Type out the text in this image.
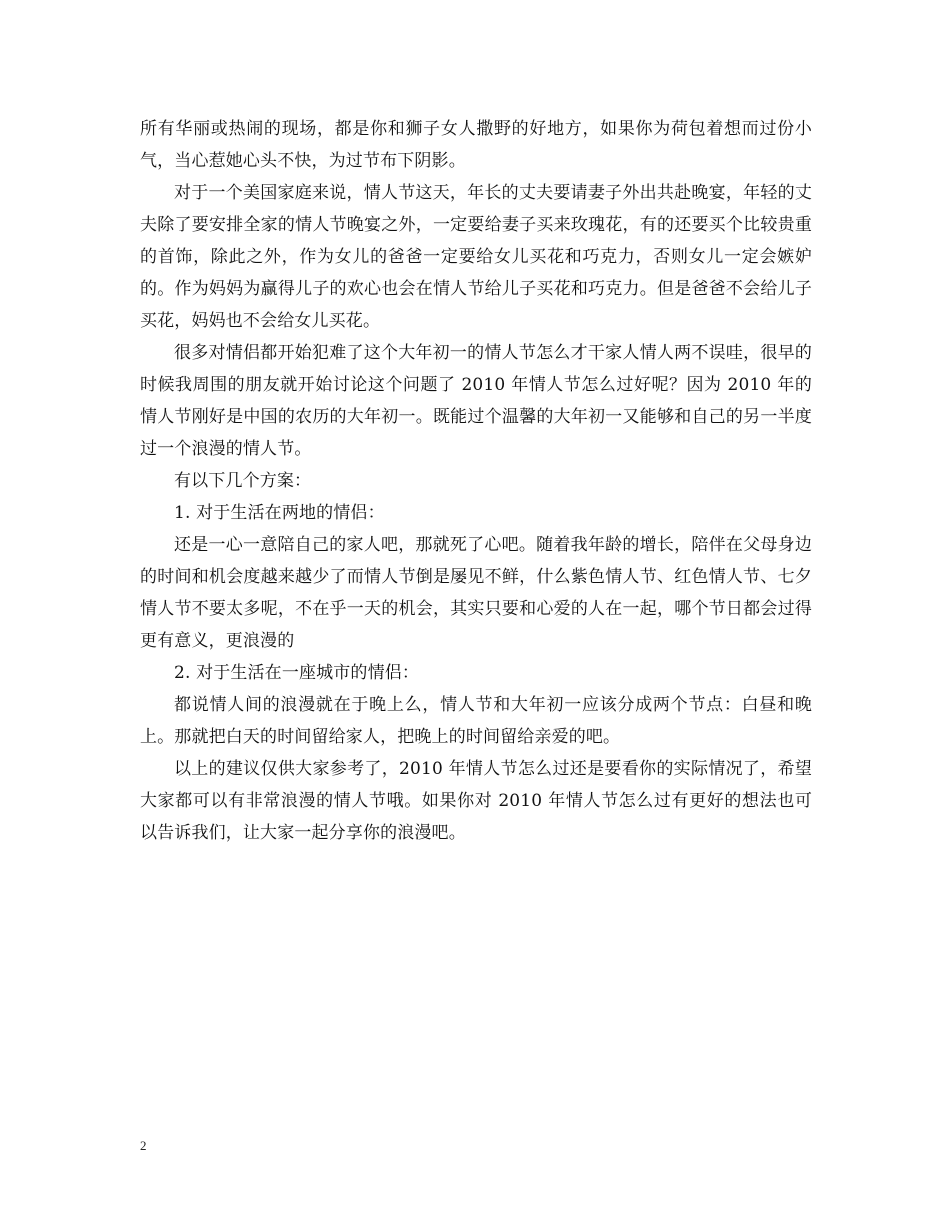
所有华丽或热闹的现场，都是你和狮子女人撒野的好地方，如果你为荷包着想而过份小气，当心惹她心头不快，为过节布下阴影。

对于一个美国家庭来说，情人节这天，年长的丈夫要请妻子外出共赴晚宴，年轻的丈夫除了要安排全家的情人节晚宴之外，一定要给妻子买来玫瑰花，有的还要买个比较贵重的首饰，除此之外，作为女儿的爸爸一定要给女儿买花和巧克力，否则女儿一定会嫉妒的。作为妈妈为赢得儿子的欢心也会在情人节给儿子买花和巧克力。但是爸爸不会给儿子买花，妈妈也不会给女儿买花。

很多对情侣都开始犯难了这个大年初一的情人节怎么才干家人情人两不误哇，很早的时候我周围的朋友就开始讨论这个问题了 2010 年情人节怎么过好呢？因为 2010 年的情人节刚好是中国的农历的大年初一。既能过个温馨的大年初一又能够和自己的另一半度过一个浪漫的情人节。

有以下几个方案：

1. 对于生活在两地的情侣：

还是一心一意陪自己的家人吧，那就死了心吧。随着我年龄的增长，陪伴在父母身边的时间和机会度越来越少了而情人节倒是屡见不鲜，什么紫色情人节、红色情人节、七夕情人节不要太多呢，不在乎一天的机会，其实只要和心爱的人在一起，哪个节日都会过得更有意义，更浪漫的

2. 对于生活在一座城市的情侣：

都说情人间的浪漫就在于晚上么，情人节和大年初一应该分成两个节点：白昼和晚上。那就把白天的时间留给家人，把晚上的时间留给亲爱的吧。

以上的建议仅供大家参考了，2010 年情人节怎么过还是要看你的实际情况了，希望大家都可以有非常浪漫的情人节哦。如果你对 2010 年情人节怎么过有更好的想法也可以告诉我们，让大家一起分享你的浪漫吧。

2
